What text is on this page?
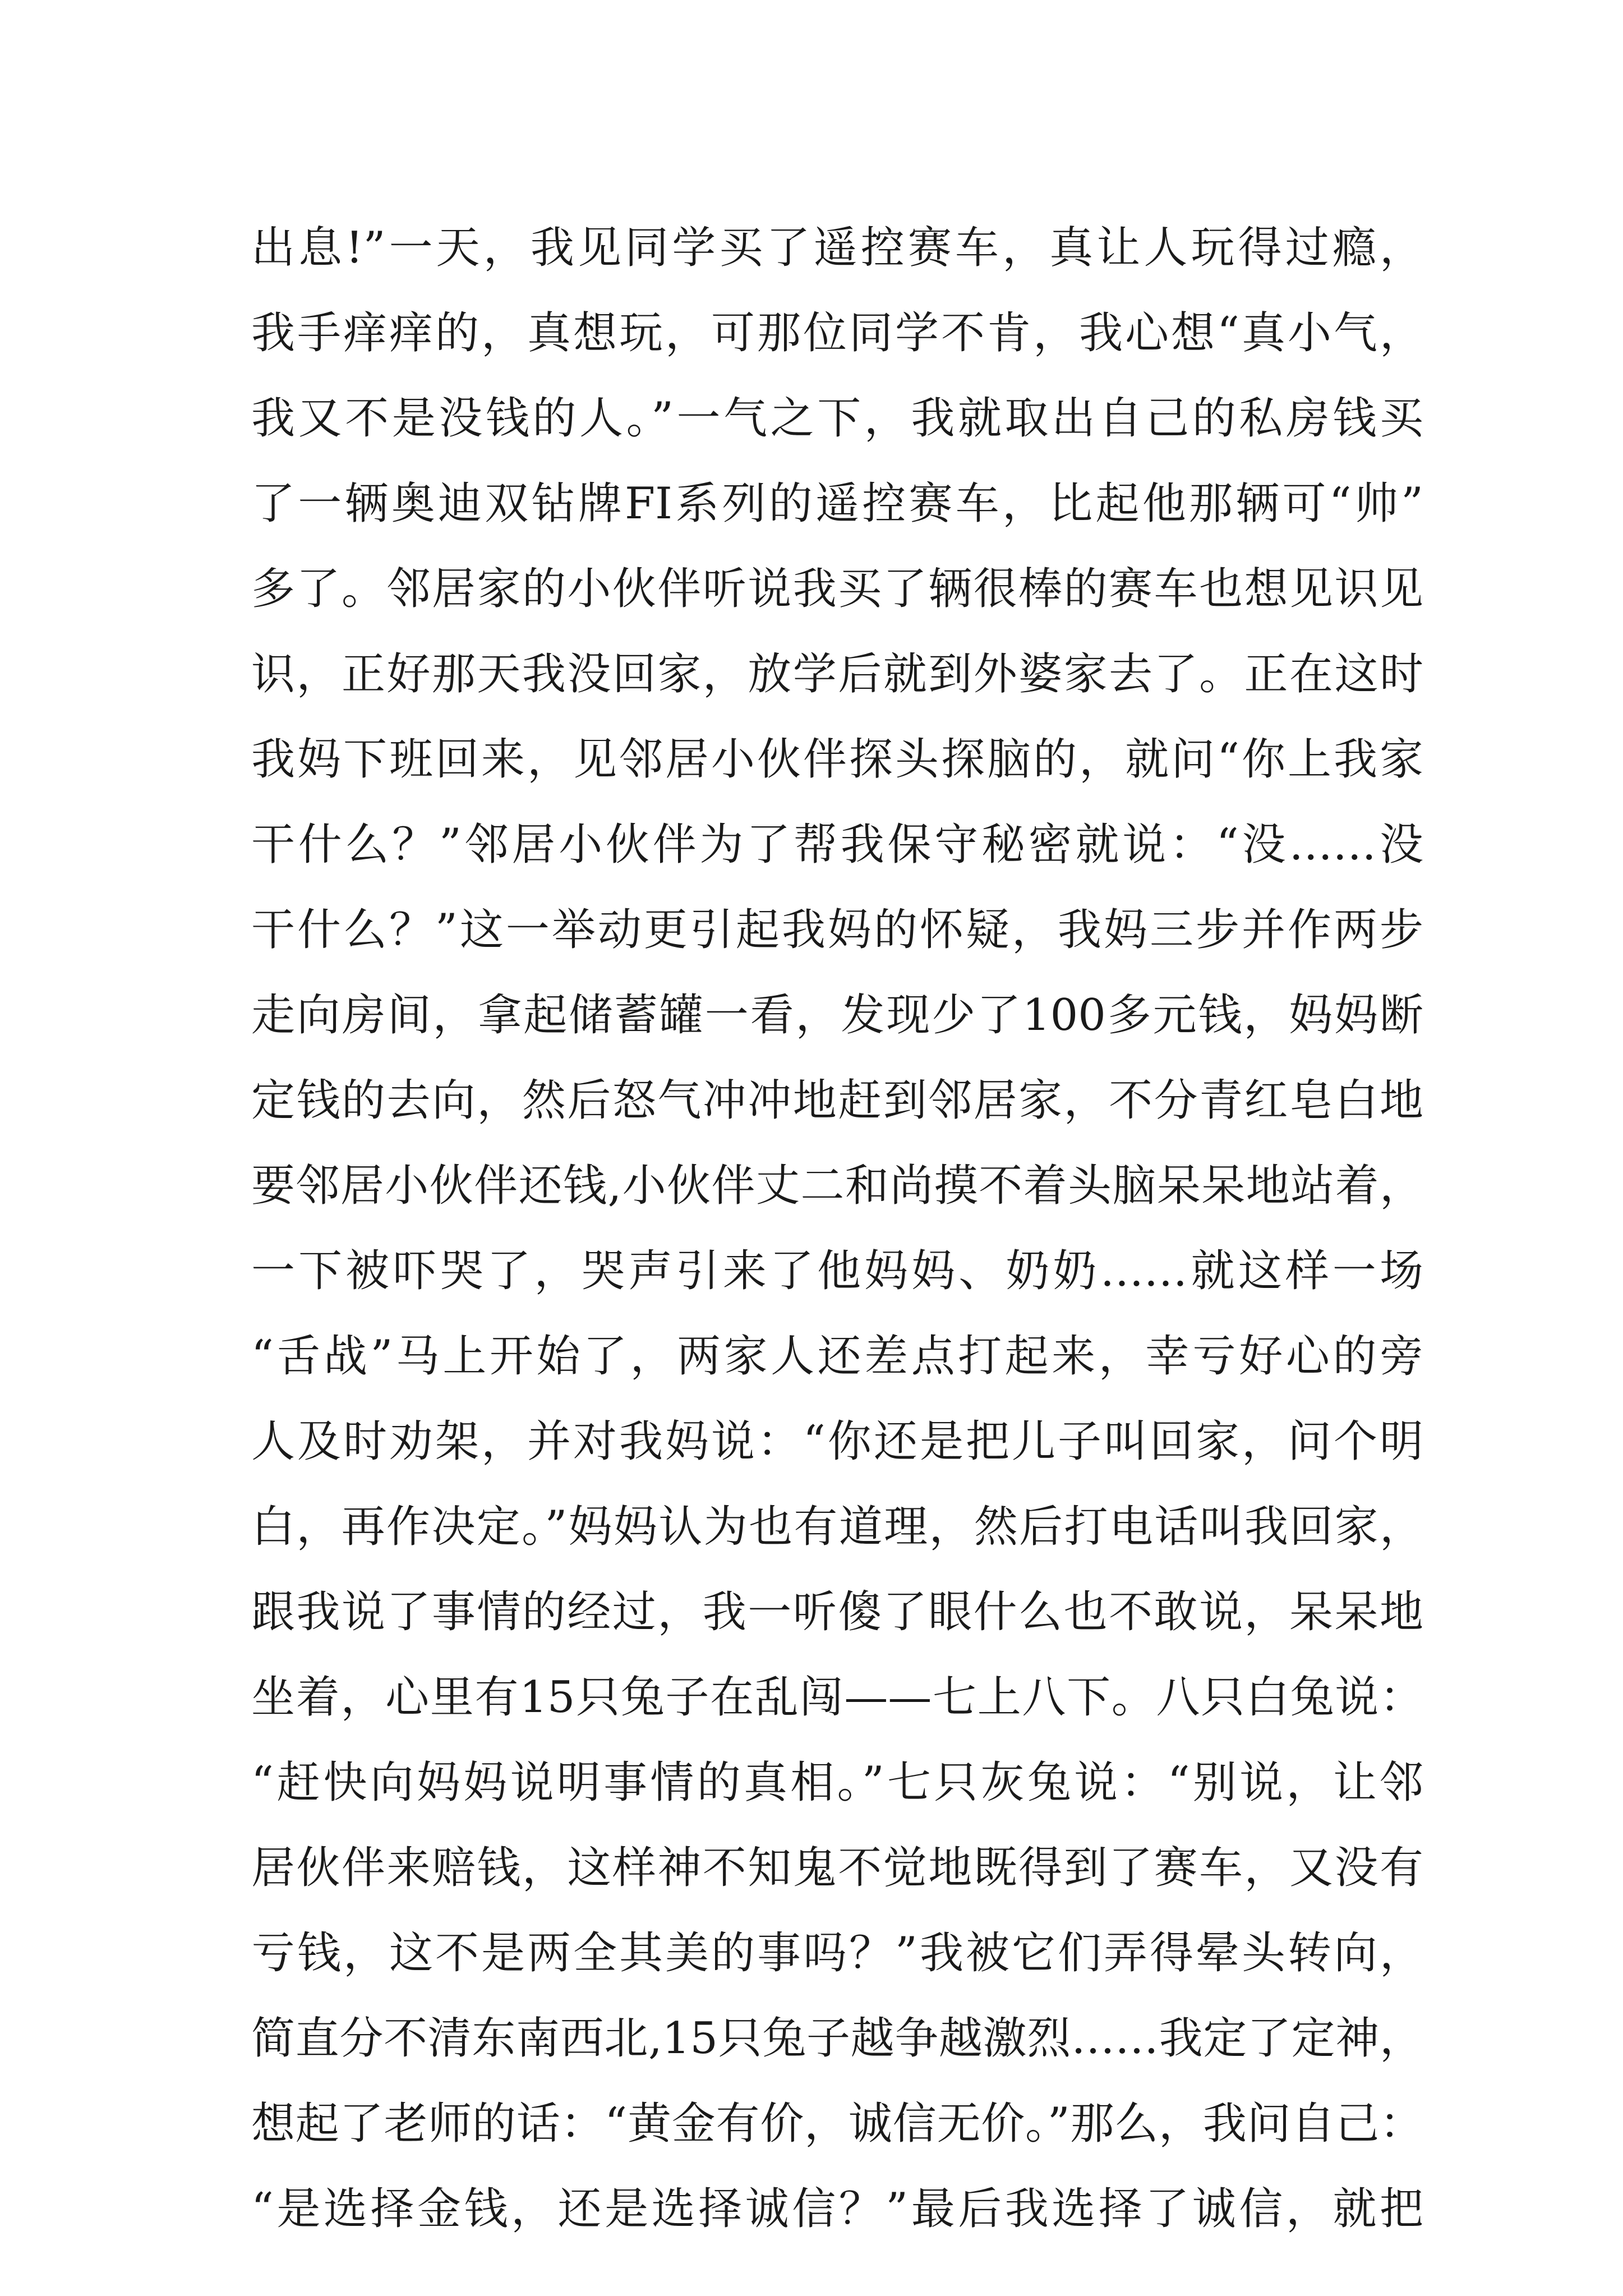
出息!”一天，我见同学买了遥控赛车，真让人玩得过瘾，
我手痒痒的，真想玩，可那位同学不肯，我心想“真小气，
我又不是没钱的人。”一气之下，我就取出自己的私房钱买
了一辆奥迪双钻牌FI系列的遥控赛车，比起他那辆可“帅”
多了。邻居家的小伙伴听说我买了辆很棒的赛车也想见识见
识，正好那天我没回家，放学后就到外婆家去了。正在这时
我妈下班回来，见邻居小伙伴探头探脑的，就问“你上我家
干什么？”邻居小伙伴为了帮我保守秘密就说：“没……没
干什么？”这一举动更引起我妈的怀疑，我妈三步并作两步
走向房间，拿起储蓄罐一看，发现少了100多元钱，妈妈断
定钱的去向，然后怒气冲冲地赶到邻居家，不分青红皂白地
要邻居小伙伴还钱,小伙伴丈二和尚摸不着头脑呆呆地站着，
一下被吓哭了，哭声引来了他妈妈、奶奶……就这样一场
“舌战”马上开始了，两家人还差点打起来，幸亏好心的旁
人及时劝架，并对我妈说：“你还是把儿子叫回家，问个明
白，再作决定。”妈妈认为也有道理，然后打电话叫我回家，
跟我说了事情的经过，我一听傻了眼什么也不敢说，呆呆地
坐着，心里有15只兔子在乱闯——七上八下。八只白兔说：
“赶快向妈妈说明事情的真相。”七只灰兔说：“别说，让邻
居伙伴来赔钱，这样神不知鬼不觉地既得到了赛车，又没有
亏钱，这不是两全其美的事吗？”我被它们弄得晕头转向，
简直分不清东南西北,15只兔子越争越激烈……我定了定神，
想起了老师的话：“黄金有价，诚信无价。”那么，我问自己：
“是选择金钱，还是选择诚信？”最后我选择了诚信，就把
